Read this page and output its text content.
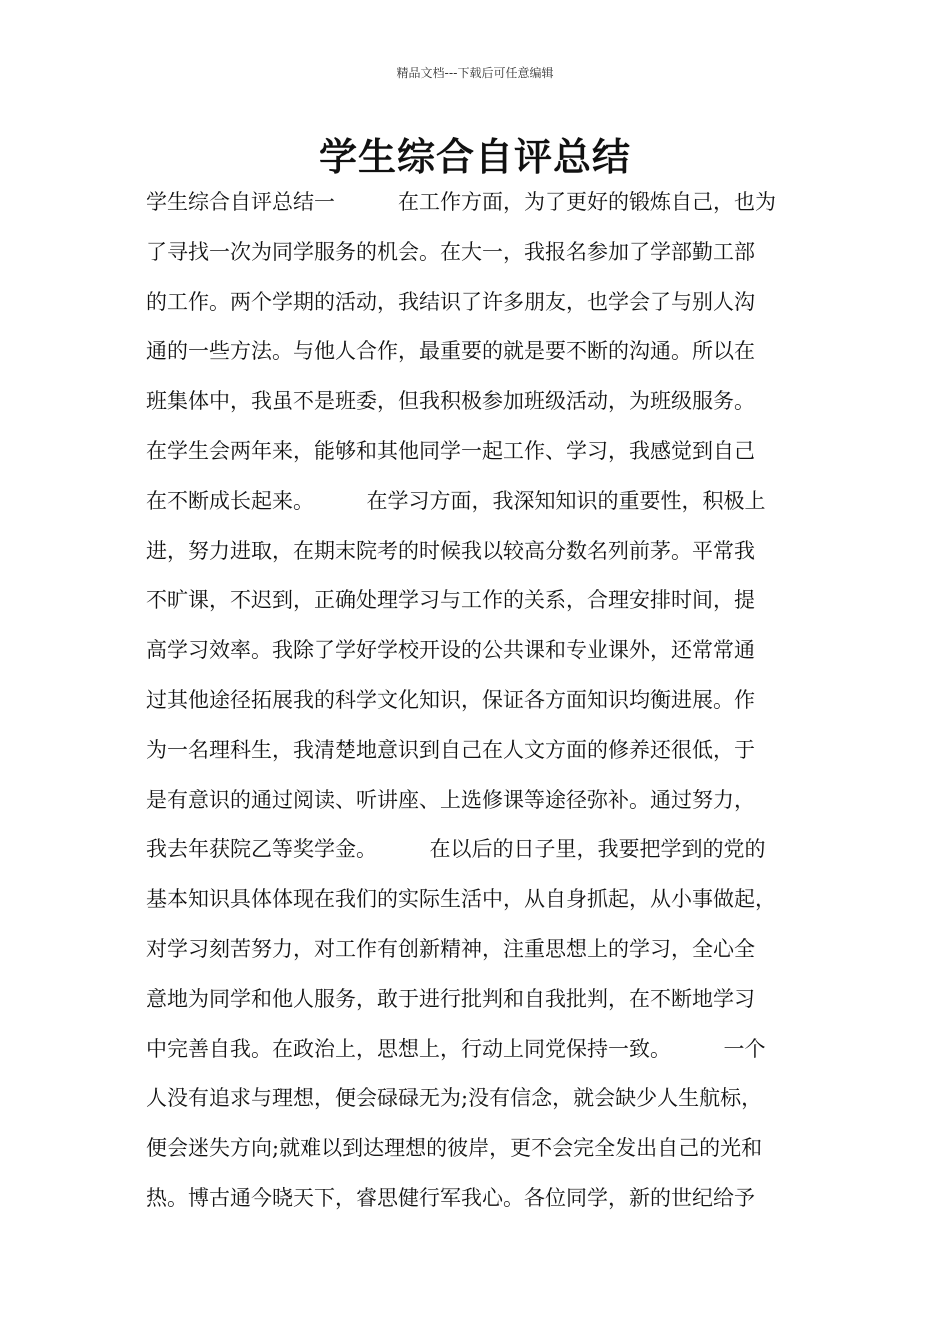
精品文档---下载后可任意编辑
学生综合自评总结
学生综合自评总结一　　　在工作方面，为了更好的锻炼自己，也为
了寻找一次为同学服务的机会。在大一，我报名参加了学部勤工部
的工作。两个学期的活动，我结识了许多朋友，也学会了与别人沟
通的一些方法。与他人合作，最重要的就是要不断的沟通。所以在
班集体中，我虽不是班委，但我积极参加班级活动，为班级服务。
在学生会两年来，能够和其他同学一起工作、学习，我感觉到自己
在不断成长起来。　　　在学习方面，我深知知识的重要性，积极上
进，努力进取，在期末院考的时候我以较高分数名列前茅。平常我
不旷课，不迟到，正确处理学习与工作的关系，合理安排时间，提
高学习效率。我除了学好学校开设的公共课和专业课外，还常常通
过其他途径拓展我的科学文化知识，保证各方面知识均衡进展。作
为一名理科生，我清楚地意识到自己在人文方面的修养还很低，于
是有意识的通过阅读、听讲座、上选修课等途径弥补。通过努力，
我去年获院乙等奖学金。　　　在以后的日子里，我要把学到的党的
基本知识具体体现在我们的实际生活中，从自身抓起，从小事做起，
对学习刻苦努力，对工作有创新精神，注重思想上的学习，全心全
意地为同学和他人服务，敢于进行批判和自我批判，在不断地学习
中完善自我。在政治上，思想上，行动上同党保持一致。　　　一个
人没有追求与理想，便会碌碌无为;没有信念，就会缺少人生航标，
便会迷失方向;就难以到达理想的彼岸，更不会完全发出自己的光和
热。博古通今晓天下，睿思健行军我心。各位同学，新的世纪给予
